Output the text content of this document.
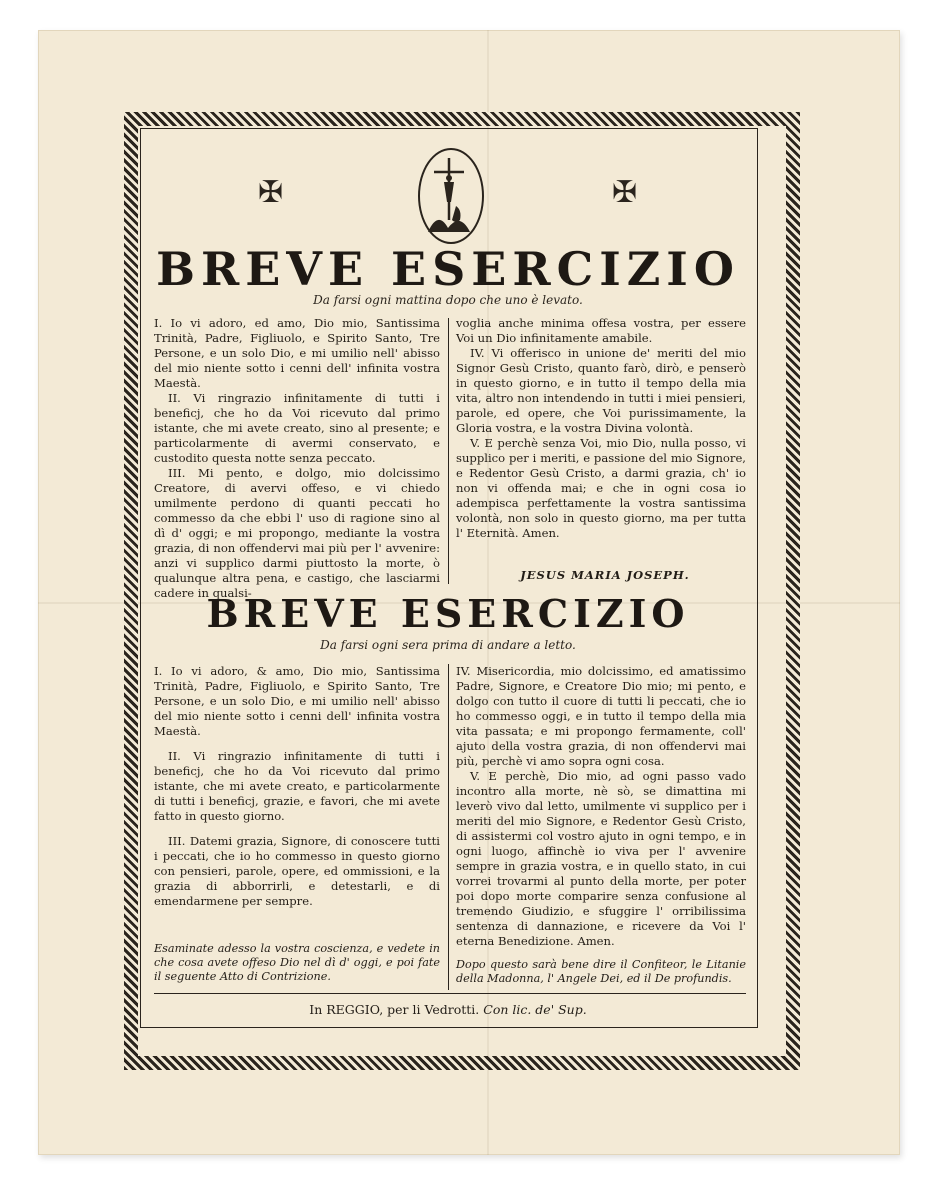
✠	✠
BREVE ESERCIZIO
Da farsi ogni mattina dopo che uno è levato.

I. Io vi adoro, ed amo, Dio mio, Santissima Trinità, Padre, Figliuolo, e Spirito Santo, Tre Persone, e un solo Dio, e mi umilio nell' abisso del mio niente sotto i cenni dell' infinita vostra Maestà.

II. Vi ringrazio infinitamente di tutti i beneficj, che ho da Voi ricevuto dal primo istante, che mi avete creato, sino al presente; e particolarmente di avermi conservato, e custodito questa notte senza peccato.

III. Mi pento, e dolgo, mio dolcissimo Creatore, di avervi offeso, e vi chiedo umilmente perdono di quanti peccati ho commesso da che ebbi l' uso di ragione sino al dì d' oggi; e mi propongo, mediante la vostra grazia, di non offendervi mai più per l' avvenire: anzi vi supplico darmi piuttosto la morte, ò qualunque altra pena, e castigo, che lasciarmi cadere in qualsi-

voglia anche minima offesa vostra, per essere Voi un Dio infinitamente amabile.

IV. Vi offerisco in unione de' meriti del mio Signor Gesù Cristo, quanto farò, dirò, e penserò in questo giorno, e in tutto il tempo della mia vita, altro non intendendo in tutti i miei pensieri, parole, ed opere, che Voi purissimamente, la Gloria vostra, e la vostra Divina volontà.

V. E perchè senza Voi, mio Dio, nulla posso, vi supplico per i meriti, e passione del mio Signore, e Redentor Gesù Cristo, a darmi grazia, ch' io non vi offenda mai; e che in ogni cosa io adempisca perfettamente la vostra santissima volontà, non solo in questo giorno, ma per tutta l' Eternità. Amen.

JESUS MARIA JOSEPH.
BREVE ESERCIZIO
Da farsi ogni sera prima di andare a letto.

I. Io vi adoro, & amo, Dio mio, Santissima Trinità, Padre, Figliuolo, e Spirito Santo, Tre Persone, e un solo Dio, e mi umilio nell' abisso del mio niente sotto i cenni dell' infinita vostra Maestà.

II. Vi ringrazio infinitamente di tutti i beneficj, che ho da Voi ricevuto dal primo istante, che mi avete creato, e particolarmente di tutti i beneficj, grazie, e favori, che mi avete fatto in questo giorno.

III. Datemi grazia, Signore, di conoscere tutti i peccati, che io ho commesso in questo giorno con pensieri, parole, opere, ed ommissioni, e la grazia di abborrirli, e detestarli, e di emendarmene per sempre.

Esaminate adesso la vostra coscienza, e vedete in che cosa avete offeso Dio nel dì d' oggi, e poi fate il seguente Atto di Contrizione.

IV. Misericordia, mio dolcissimo, ed amatissimo Padre, Signore, e Creatore Dio mio; mi pento, e dolgo con tutto il cuore di tutti li peccati, che io ho commesso oggi, e in tutto il tempo della mia vita passata; e mi propongo fermamente, coll' ajuto della vostra grazia, di non offendervi mai più, perchè vi amo sopra ogni cosa.

V. E perchè, Dio mio, ad ogni passo vado incontro alla morte, nè sò, se dimattina mi leverò vivo dal letto, umilmente vi supplico per i meriti del mio Signore, e Redentor Gesù Cristo, di assistermi col vostro ajuto in ogni tempo, e in ogni luogo, affinchè io viva per l' avvenire sempre in grazia vostra, e in quello stato, in cui vorrei trovarmi al punto della morte, per poter poi dopo morte comparire senza confusione al tremendo Giudizio, e sfuggire l' orribilissima sentenza di dannazione, e ricevere da Voi l' eterna Benedizione. Amen.

Dopo questo sarà bene dire il Confiteor, le Litanie della Madonna, l' Angele Dei, ed il De profundis.
In REGGIO, per li Vedrotti. Con lic. de' Sup.
